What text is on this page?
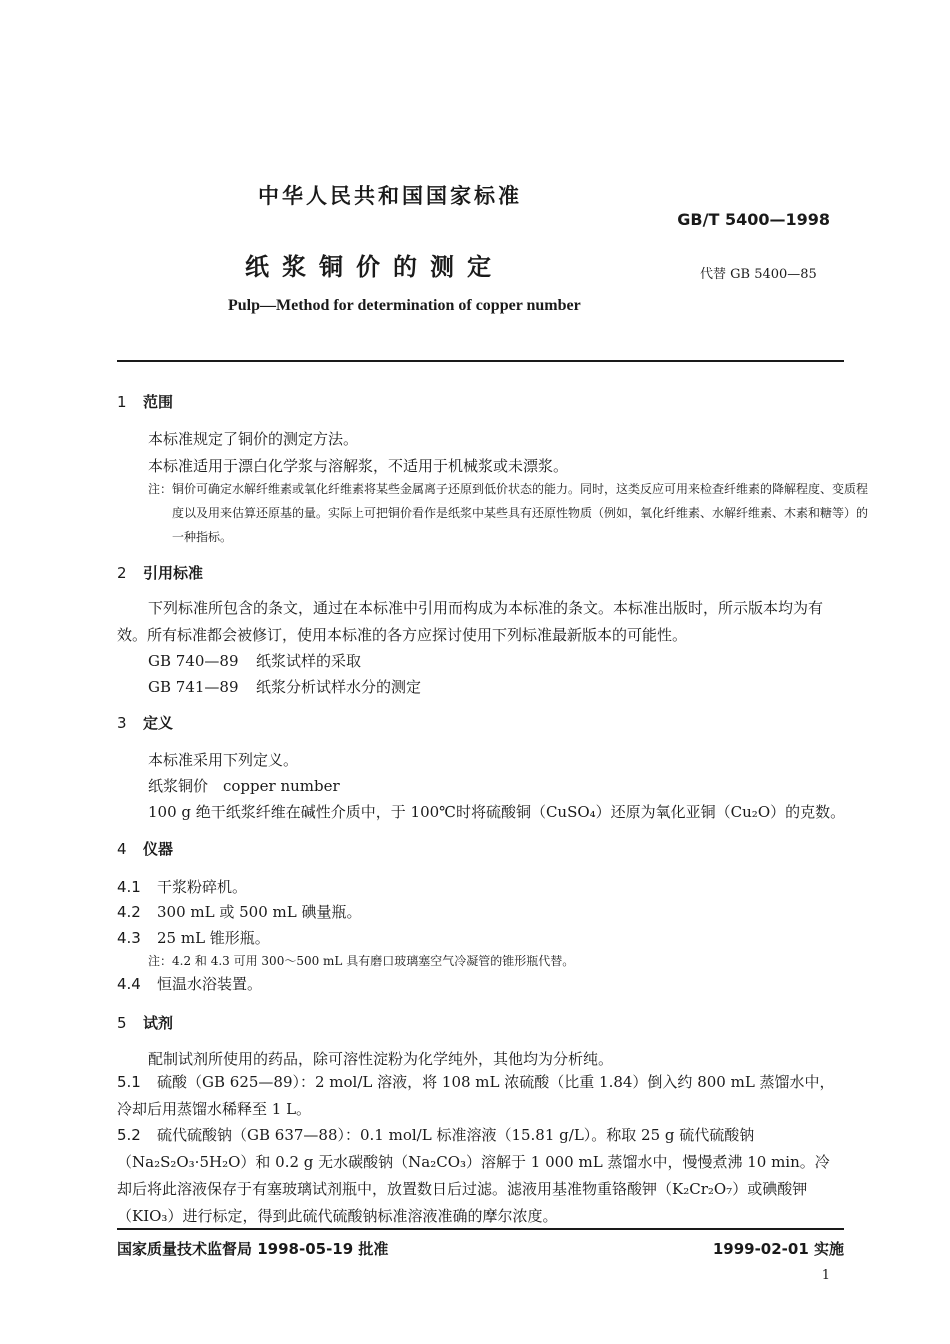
中华人民共和国国家标准
GB/T 5400—1998
纸浆铜价的测定	代替 GB 5400—85
Pulp—Method for determination of copper number
1 范围
本标准规定了铜价的测定方法。
本标准适用于漂白化学浆与溶解浆，不适用于机械浆或未漂浆。
注：铜价可确定水解纤维素或氧化纤维素将某些金属离子还原到低价状态的能力。同时，这类反应可用来检查纤维素的降解程度、变质程度以及用来估算还原基的量。实际上可把铜价看作是纸浆中某些具有还原性物质（例如，氧化纤维素、水解纤维素、木素和糖等）的一种指标。
2 引用标准
下列标准所包含的条文，通过在本标准中引用而构成为本标准的条文。本标准出版时，所示版本均为有效。所有标准都会被修订，使用本标准的各方应探讨使用下列标准最新版本的可能性。
GB 740—89 纸浆试样的采取
GB 741—89 纸浆分析试样水分的测定
3 定义
本标准采用下列定义。
纸浆铜价　copper number
100 g 绝干纸浆纤维在碱性介质中，于 100℃时将硫酸铜（CuSO₄）还原为氧化亚铜（Cu₂O）的克数。
4 仪器
4.1 干浆粉碎机。
4.2 300 mL 或 500 mL 碘量瓶。
4.3 25 mL 锥形瓶。
注：4.2 和 4.3 可用 300～500 mL 具有磨口玻璃塞空气冷凝管的锥形瓶代替。
4.4 恒温水浴装置。
5 试剂
配制试剂所使用的药品，除可溶性淀粉为化学纯外，其他均为分析纯。
5.1 硫酸（GB 625—89）：2 mol/L 溶液，将 108 mL 浓硫酸（比重 1.84）倒入约 800 mL 蒸馏水中，冷却后用蒸馏水稀释至 1 L。
5.2 硫代硫酸钠（GB 637—88）：0.1 mol/L 标准溶液（15.81 g/L）。称取 25 g 硫代硫酸钠（Na₂S₂O₃·5H₂O）和 0.2 g 无水碳酸钠（Na₂CO₃）溶解于 1 000 mL 蒸馏水中，慢慢煮沸 10 min。冷却后将此溶液保存于有塞玻璃试剂瓶中，放置数日后过滤。滤液用基准物重铬酸钾（K₂Cr₂O₇）或碘酸钾（KIO₃）进行标定，得到此硫代硫酸钠标准溶液准确的摩尔浓度。
国家质量技术监督局 1998-05-19 批准	1999-02-01 实施
1
